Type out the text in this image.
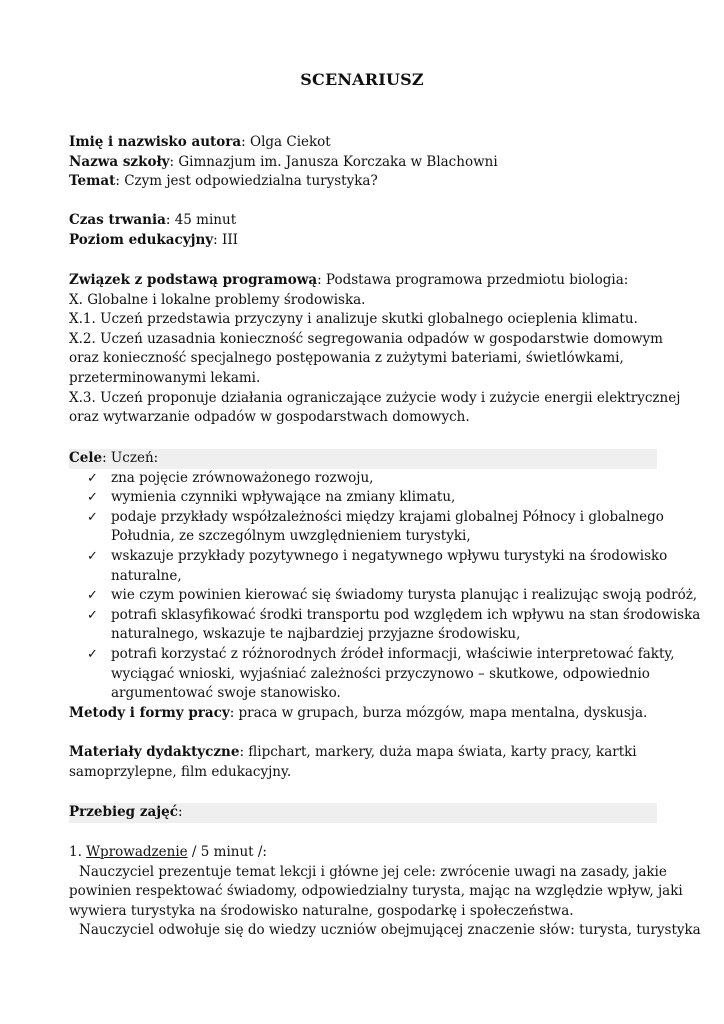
SCENARIUSZ
Imię i nazwisko autora: Olga Ciekot
Nazwa szkoły: Gimnazjum im. Janusza Korczaka w Blachowni
Temat: Czym jest odpowiedzialna turystyka?
Czas trwania: 45 minut
Poziom edukacyjny: III
Związek z podstawą programową: Podstawa programowa przedmiotu biologia:
X. Globalne i lokalne problemy środowiska.
X.1. Uczeń przedstawia przyczyny i analizuje skutki globalnego ocieplenia klimatu.
X.2. Uczeń uzasadnia konieczność segregowania odpadów w gospodarstwie domowym
oraz konieczność specjalnego postępowania z zużytymi bateriami, świetlówkami,
przeterminowanymi lekami.
X.3. Uczeń proponuje działania ograniczające zużycie wody i zużycie energii elektrycznej
oraz wytwarzanie odpadów w gospodarstwach domowych.
Cele: Uczeń:
✓ zna pojęcie zrównoważonego rozwoju,
✓ wymienia czynniki wpływające na zmiany klimatu,
✓ podaje przykłady współzależności między krajami globalnej Północy i globalnego
Południa, ze szczególnym uwzględnieniem turystyki,
✓ wskazuje przykłady pozytywnego i negatywnego wpływu turystyki na środowisko
naturalne,
✓ wie czym powinien kierować się świadomy turysta planując i realizując swoją podróż,
✓ potrafi sklasyfikować środki transportu pod względem ich wpływu na stan środowiska
naturalnego, wskazuje te najbardziej przyjazne środowisku,
✓ potrafi korzystać z różnorodnych źródeł informacji, właściwie interpretować fakty,
wyciągać wnioski, wyjaśniać zależności przyczynowo – skutkowe, odpowiednio
argumentować swoje stanowisko.
Metody i formy pracy: praca w grupach, burza mózgów, mapa mentalna, dyskusja.
Materiały dydaktyczne: flipchart, markery, duża mapa świata, karty pracy, kartki
samoprzylepne, film edukacyjny.
Przebieg zajęć:
1. Wprowadzenie / 5 minut /:
Nauczyciel prezentuje temat lekcji i główne jej cele: zwrócenie uwagi na zasady, jakie
powinien respektować świadomy, odpowiedzialny turysta, mając na względzie wpływ, jaki
wywiera turystyka na środowisko naturalne, gospodarkę i społeczeństwa.
Nauczyciel odwołuje się do wiedzy uczniów obejmującej znaczenie słów: turysta, turystyka
